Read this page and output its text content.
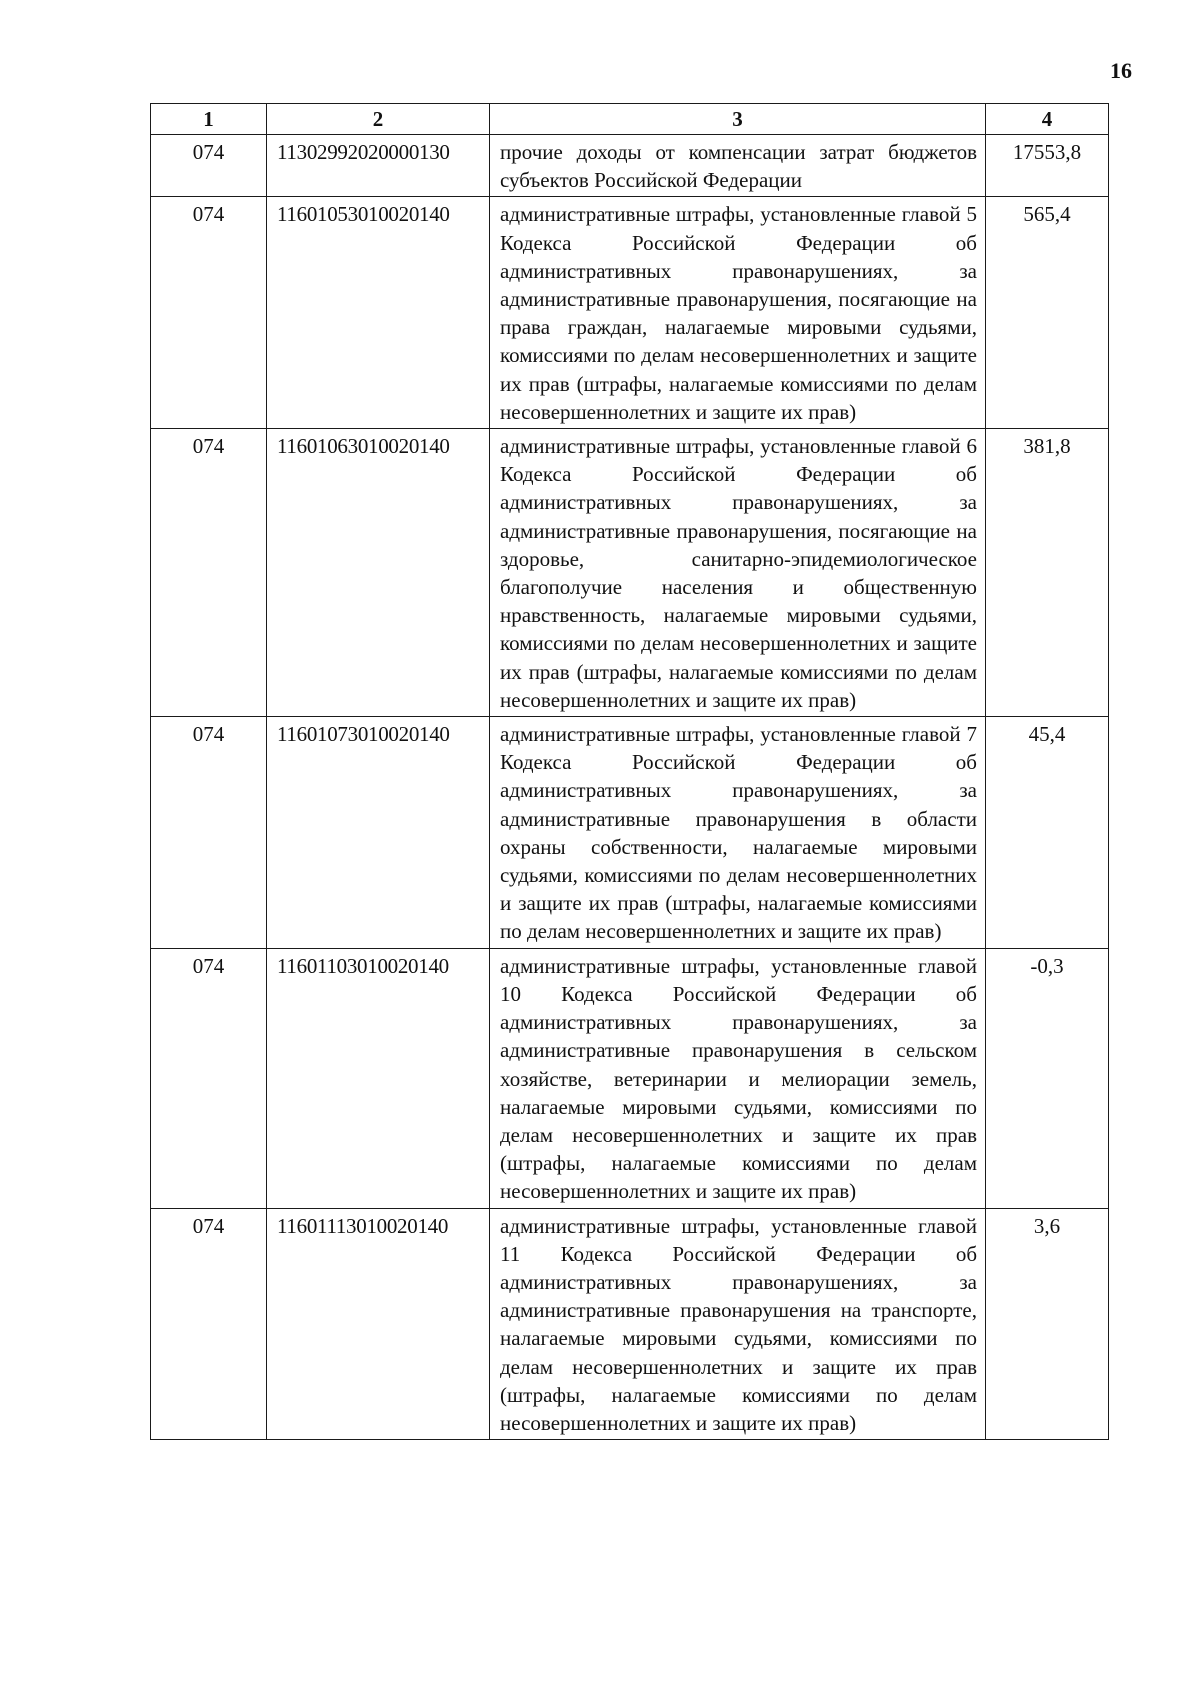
16
1	2	3	4
074	11302992020000130	прочие доходы от компенсации затрат бюджетов субъектов Российской Федерации	17553,8
074	11601053010020140	административные штрафы, установленные главой 5 Кодекса Российской Федерации об административных правонарушениях, за административные правонарушения, посягающие на права граждан, налагаемые мировыми судьями, комиссиями по делам несовершеннолетних и защите их прав (штрафы, налагаемые комиссиями по делам несовершеннолетних и защите их прав)	565,4
074	11601063010020140	административные штрафы, установленные главой 6 Кодекса Российской Федерации об административных правонарушениях, за административные правонарушения, посягающие на здоровье, санитарно-эпидемиологическое благополучие населения и общественную нравственность, налагаемые мировыми судьями, комиссиями по делам несовершеннолетних и защите их прав (штрафы, налагаемые комиссиями по делам несовершеннолетних и защите их прав)	381,8
074	11601073010020140	административные штрафы, установленные главой 7 Кодекса Российской Федерации об административных правонарушениях, за административные правонарушения в области охраны собственности, налагаемые мировыми судьями, комиссиями по делам несовершеннолетних и защите их прав (штрафы, налагаемые комиссиями по делам несовершеннолетних и защите их прав)	45,4
074	11601103010020140	административные штрафы, установленные главой 10 Кодекса Российской Федерации об административных правонарушениях, за административные правонарушения в сельском хозяйстве, ветеринарии и мелиорации земель, налагаемые мировыми судьями, комиссиями по делам несовершеннолетних и защите их прав (штрафы, налагаемые комиссиями по делам несовершеннолетних и защите их прав)	-0,3
074	11601113010020140	административные штрафы, установленные главой 11 Кодекса Российской Федерации об административных правонарушениях, за административные правонарушения на транспорте, налагаемые мировыми судьями, комиссиями по делам несовершеннолетних и защите их прав (штрафы, налагаемые комиссиями по делам несовершеннолетних и защите их прав)	3,6
